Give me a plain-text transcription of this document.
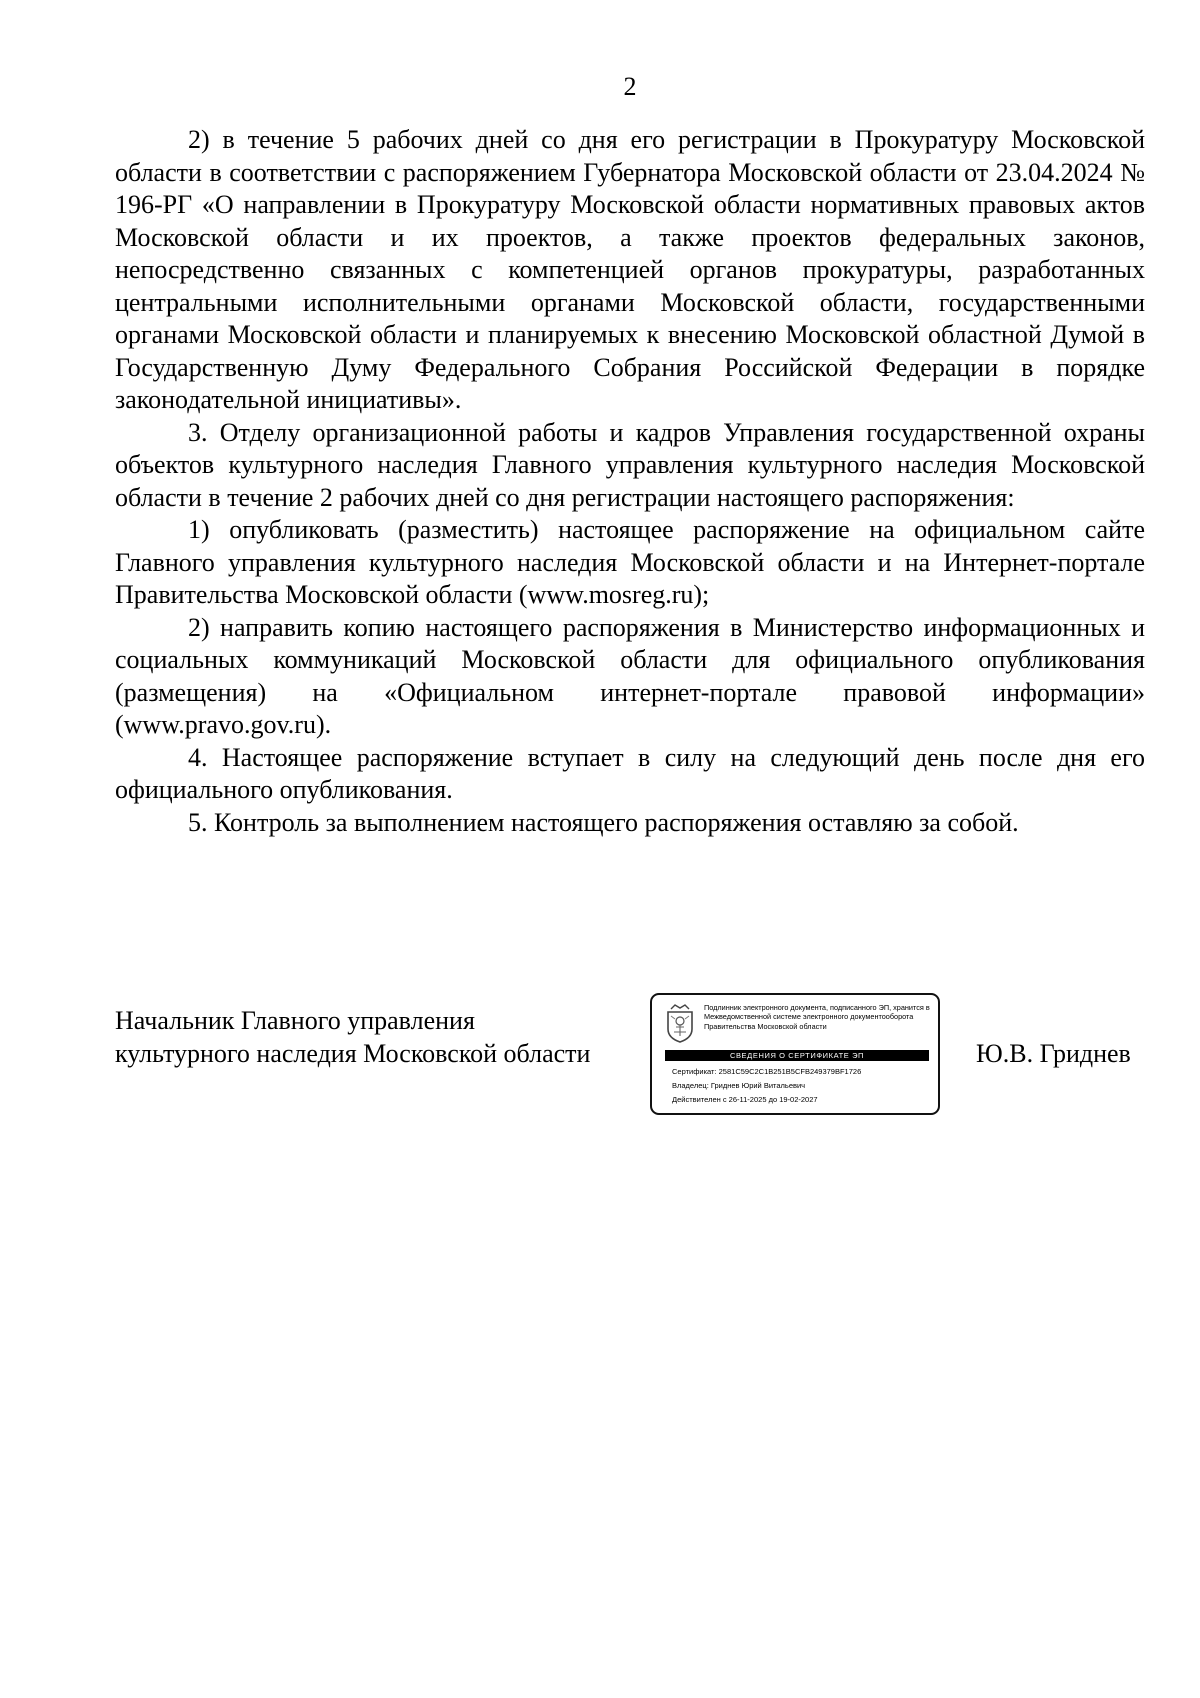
2

2) в течение 5 рабочих дней со дня его регистрации в Прокуратуру Московской области в соответствии с распоряжением Губернатора Московской области от 23.04.2024 № 196-РГ «О направлении в Прокуратуру Московской области нормативных правовых актов Московской области и их проектов, а также проектов федеральных законов, непосредственно связанных с компетенцией органов прокуратуры, разработанных центральными исполнительными органами Московской области, государственными органами Московской области и планируемых к внесению Московской областной Думой в Государственную Думу Федерального Собрания Российской Федерации в порядке законодательной инициативы».

3. Отделу организационной работы и кадров Управления государственной охраны объектов культурного наследия Главного управления культурного наследия Московской области в течение 2 рабочих дней со дня регистрации настоящего распоряжения:

1) опубликовать (разместить) настоящее распоряжение на официальном сайте Главного управления культурного наследия Московской области и на Интернет-портале Правительства Московской области (www.mosreg.ru);

2) направить копию настоящего распоряжения в Министерство информационных и социальных коммуникаций Московской области для официального опубликования (размещения) на «Официальном интернет-портале правовой информации» (www.pravo.gov.ru).

4. Настоящее распоряжение вступает в силу на следующий день после дня его официального опубликования.

5. Контроль за выполнением настоящего распоряжения оставляю за собой.

Начальник Главного управления
культурного наследия Московской области
Подлинник электронного документа, подписанного ЭП, хранится в Межведомственной системе электронного документооборота Правительства Московской области
СВЕДЕНИЯ О СЕРТИФИКАТЕ ЭП
Сертификат: 2581C59C2C1B251B5CFB249379BF1726
Владелец: Гриднев Юрий Витальевич
Действителен с 26-11-2025 до 19-02-2027
Ю.В. Гриднев
